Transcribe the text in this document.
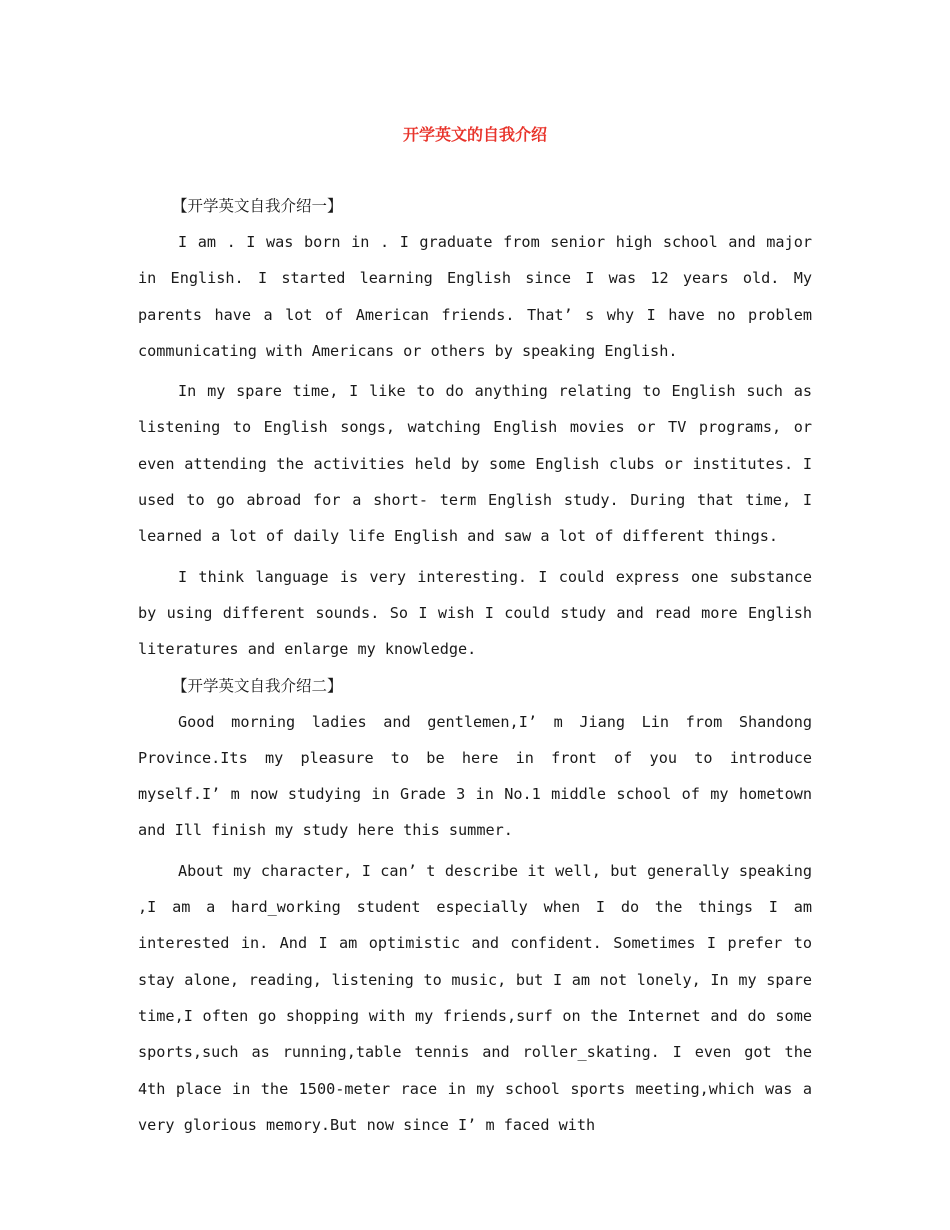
开学英文的自我介绍

【开学英文自我介绍一】

I am . I was born in . I graduate from senior high school and major in English. I started learning English since I was 12 years old. My parents have a lot of American friends. That’ s why I have no problem communicating with Americans or others by speaking English.

In my spare time, I like to do anything relating to English such as listening to English songs, watching English movies or TV programs, or even attending the activities held by some English clubs or institutes. I used to go abroad for a short- term English study. During that time, I learned a lot of daily life English and saw a lot of different things.

I think language is very interesting. I could express one substance by using different sounds. So I wish I could study and read more English literatures and enlarge my knowledge.

【开学英文自我介绍二】

Good morning ladies and gentlemen,I’ m Jiang Lin from Shandong Province.Its my pleasure to be here in front of you to introduce myself.I’ m now studying in Grade 3 in No.1 middle school of my hometown and Ill finish my study here this summer.

About my character, I can’ t describe it well, but generally speaking ,I am a hard_working student especially when I do the things I am interested in. And I am optimistic and confident. Sometimes I prefer to stay alone, reading, listening to music, but I am not lonely, In my spare time,I often go shopping with my friends,surf on the Internet and do some sports,such as running,table tennis and roller_skating. I even got the 4th place in the 1500-meter race in my school sports meeting,which was a very glorious memory.But now since I’ m faced with
